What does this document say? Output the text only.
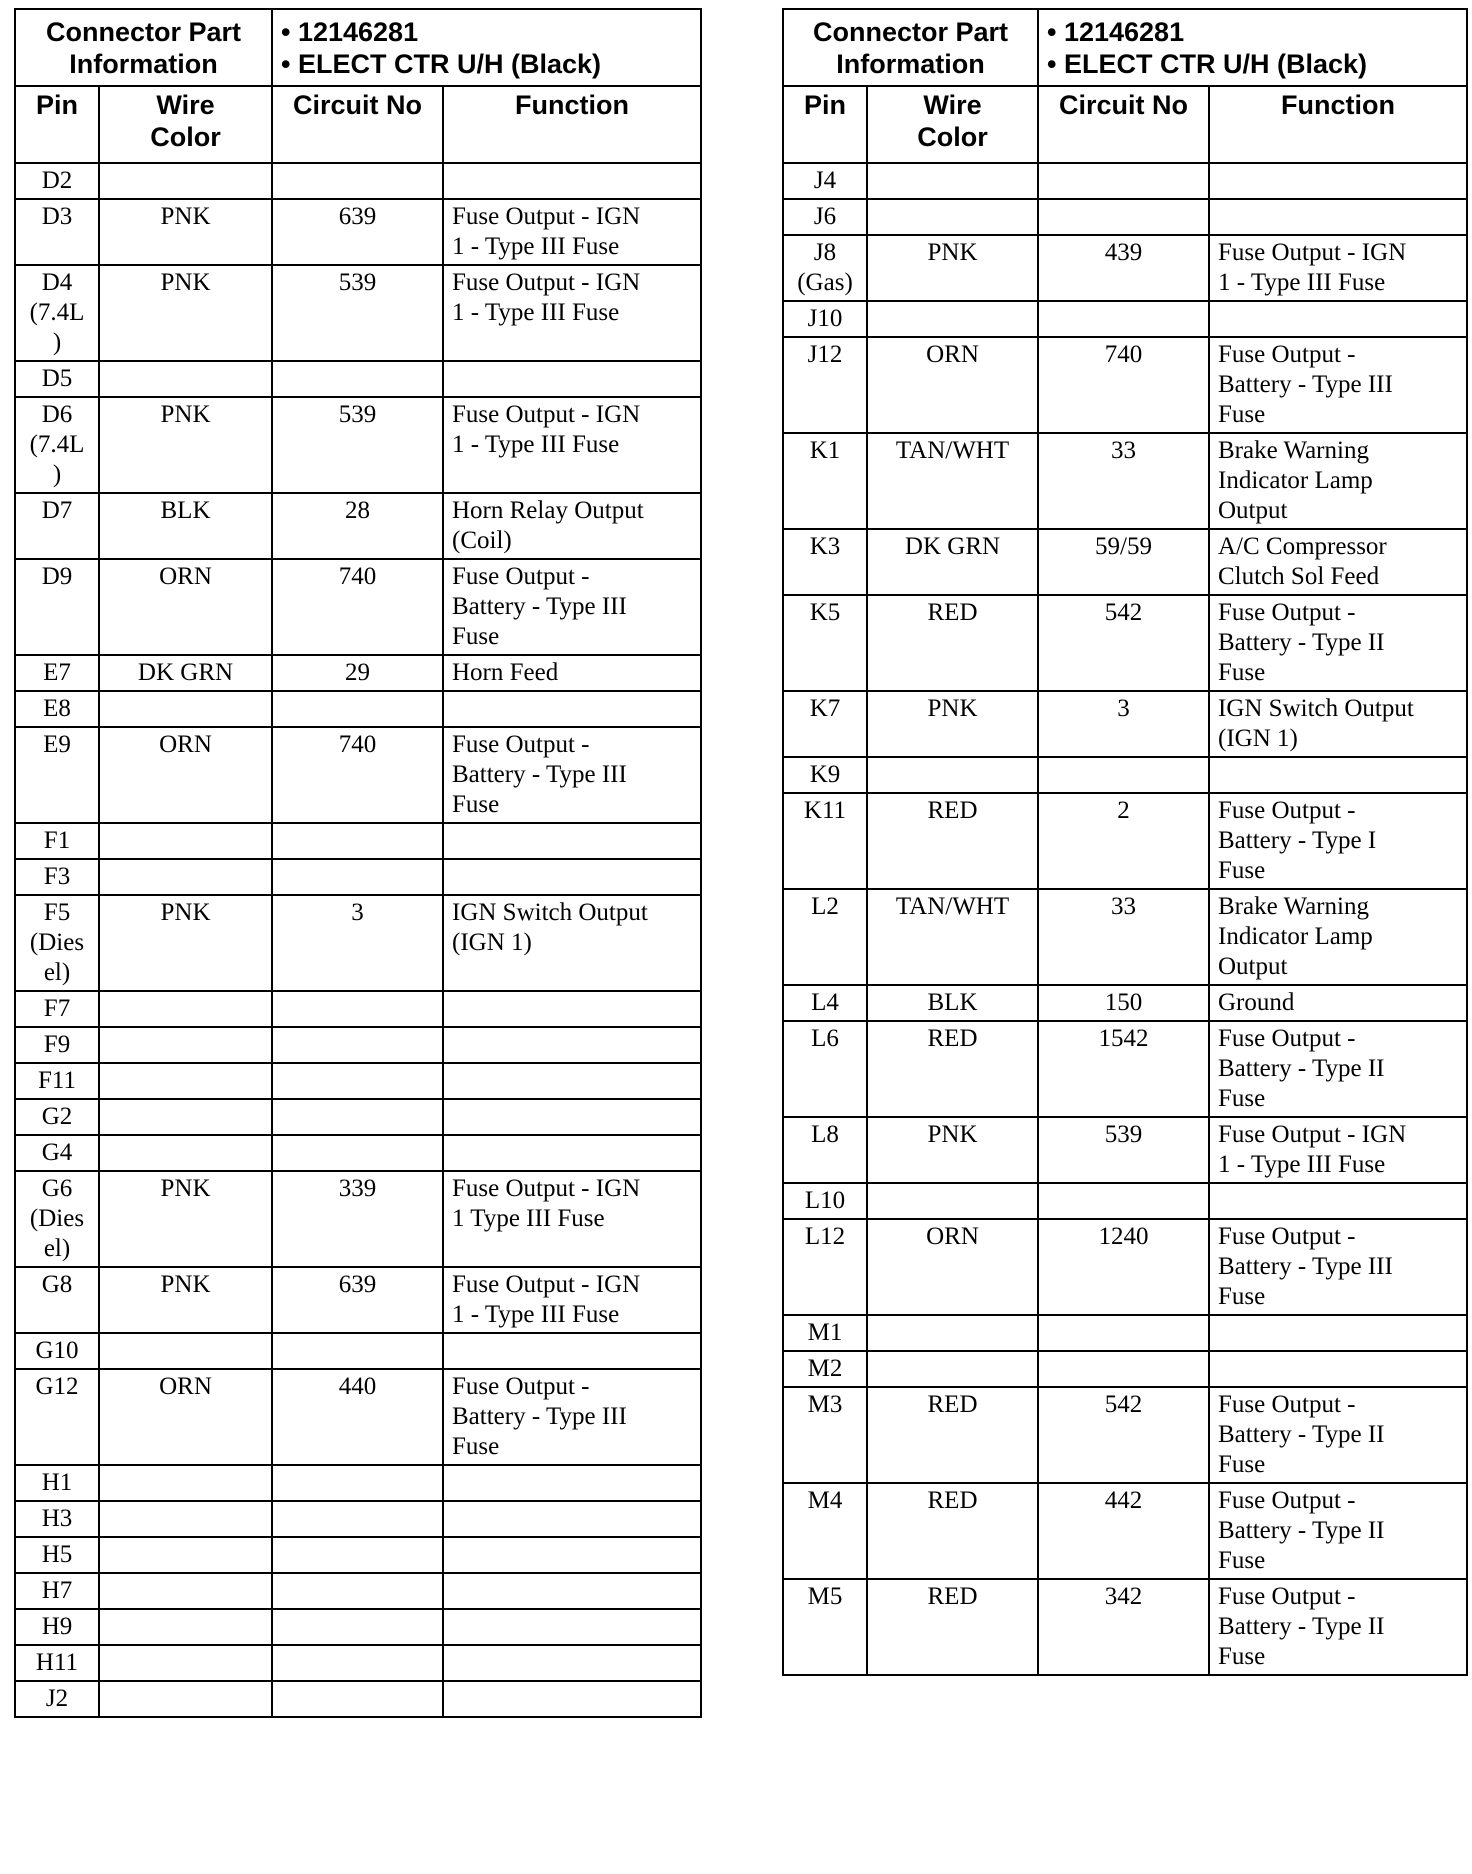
Connector Part
Information		• 12146281
• ELECT CTR U/H (Black)	

Pin	Wire
Color	Circuit No	Function

D2			

D3	PNK	639	Fuse Output - IGN
1 - Type III Fuse

D4
(7.4L
)	PNK	539	Fuse Output - IGN
1 - Type III Fuse

D5			

D6
(7.4L
)	PNK	539	Fuse Output - IGN
1 - Type III Fuse

D7	BLK	28	Horn Relay Output
(Coil)

D9	ORN	740	Fuse Output -
Battery - Type III
Fuse

E7	DK GRN	29	Horn Feed

E8			

E9	ORN	740	Fuse Output -
Battery - Type III
Fuse

F1			

F3			

F5
(Dies
el)	PNK	3	IGN Switch Output
(IGN 1)

F7			

F9			

F11			

G2			

G4			

G6
(Dies
el)	PNK	339	Fuse Output - IGN
1 Type III Fuse

G8	PNK	639	Fuse Output - IGN
1 - Type III Fuse

G10			

G12	ORN	440	Fuse Output -
Battery - Type III
Fuse

H1			

H3			

H5			

H7			

H9			

H11			

J2			

Connector Part
Information		• 12146281
• ELECT CTR U/H (Black)	

Pin	Wire
Color	Circuit No	Function

J4			

J6			

J8
(Gas)	PNK	439	Fuse Output - IGN
1 - Type III Fuse

J10			

J12	ORN	740	Fuse Output -
Battery - Type III
Fuse

K1	TAN/WHT	33	Brake Warning
Indicator Lamp
Output

K3	DK GRN	59/59	A/C Compressor
Clutch Sol Feed

K5	RED	542	Fuse Output -
Battery - Type II
Fuse

K7	PNK	3	IGN Switch Output
(IGN 1)

K9			

K11	RED	2	Fuse Output -
Battery - Type I
Fuse

L2	TAN/WHT	33	Brake Warning
Indicator Lamp
Output

L4	BLK	150	Ground

L6	RED	1542	Fuse Output -
Battery - Type II
Fuse

L8	PNK	539	Fuse Output - IGN
1 - Type III Fuse

L10			

L12	ORN	1240	Fuse Output -
Battery - Type III
Fuse

M1			

M2			

M3	RED	542	Fuse Output -
Battery - Type II
Fuse

M4	RED	442	Fuse Output -
Battery - Type II
Fuse

M5	RED	342	Fuse Output -
Battery - Type II
Fuse
